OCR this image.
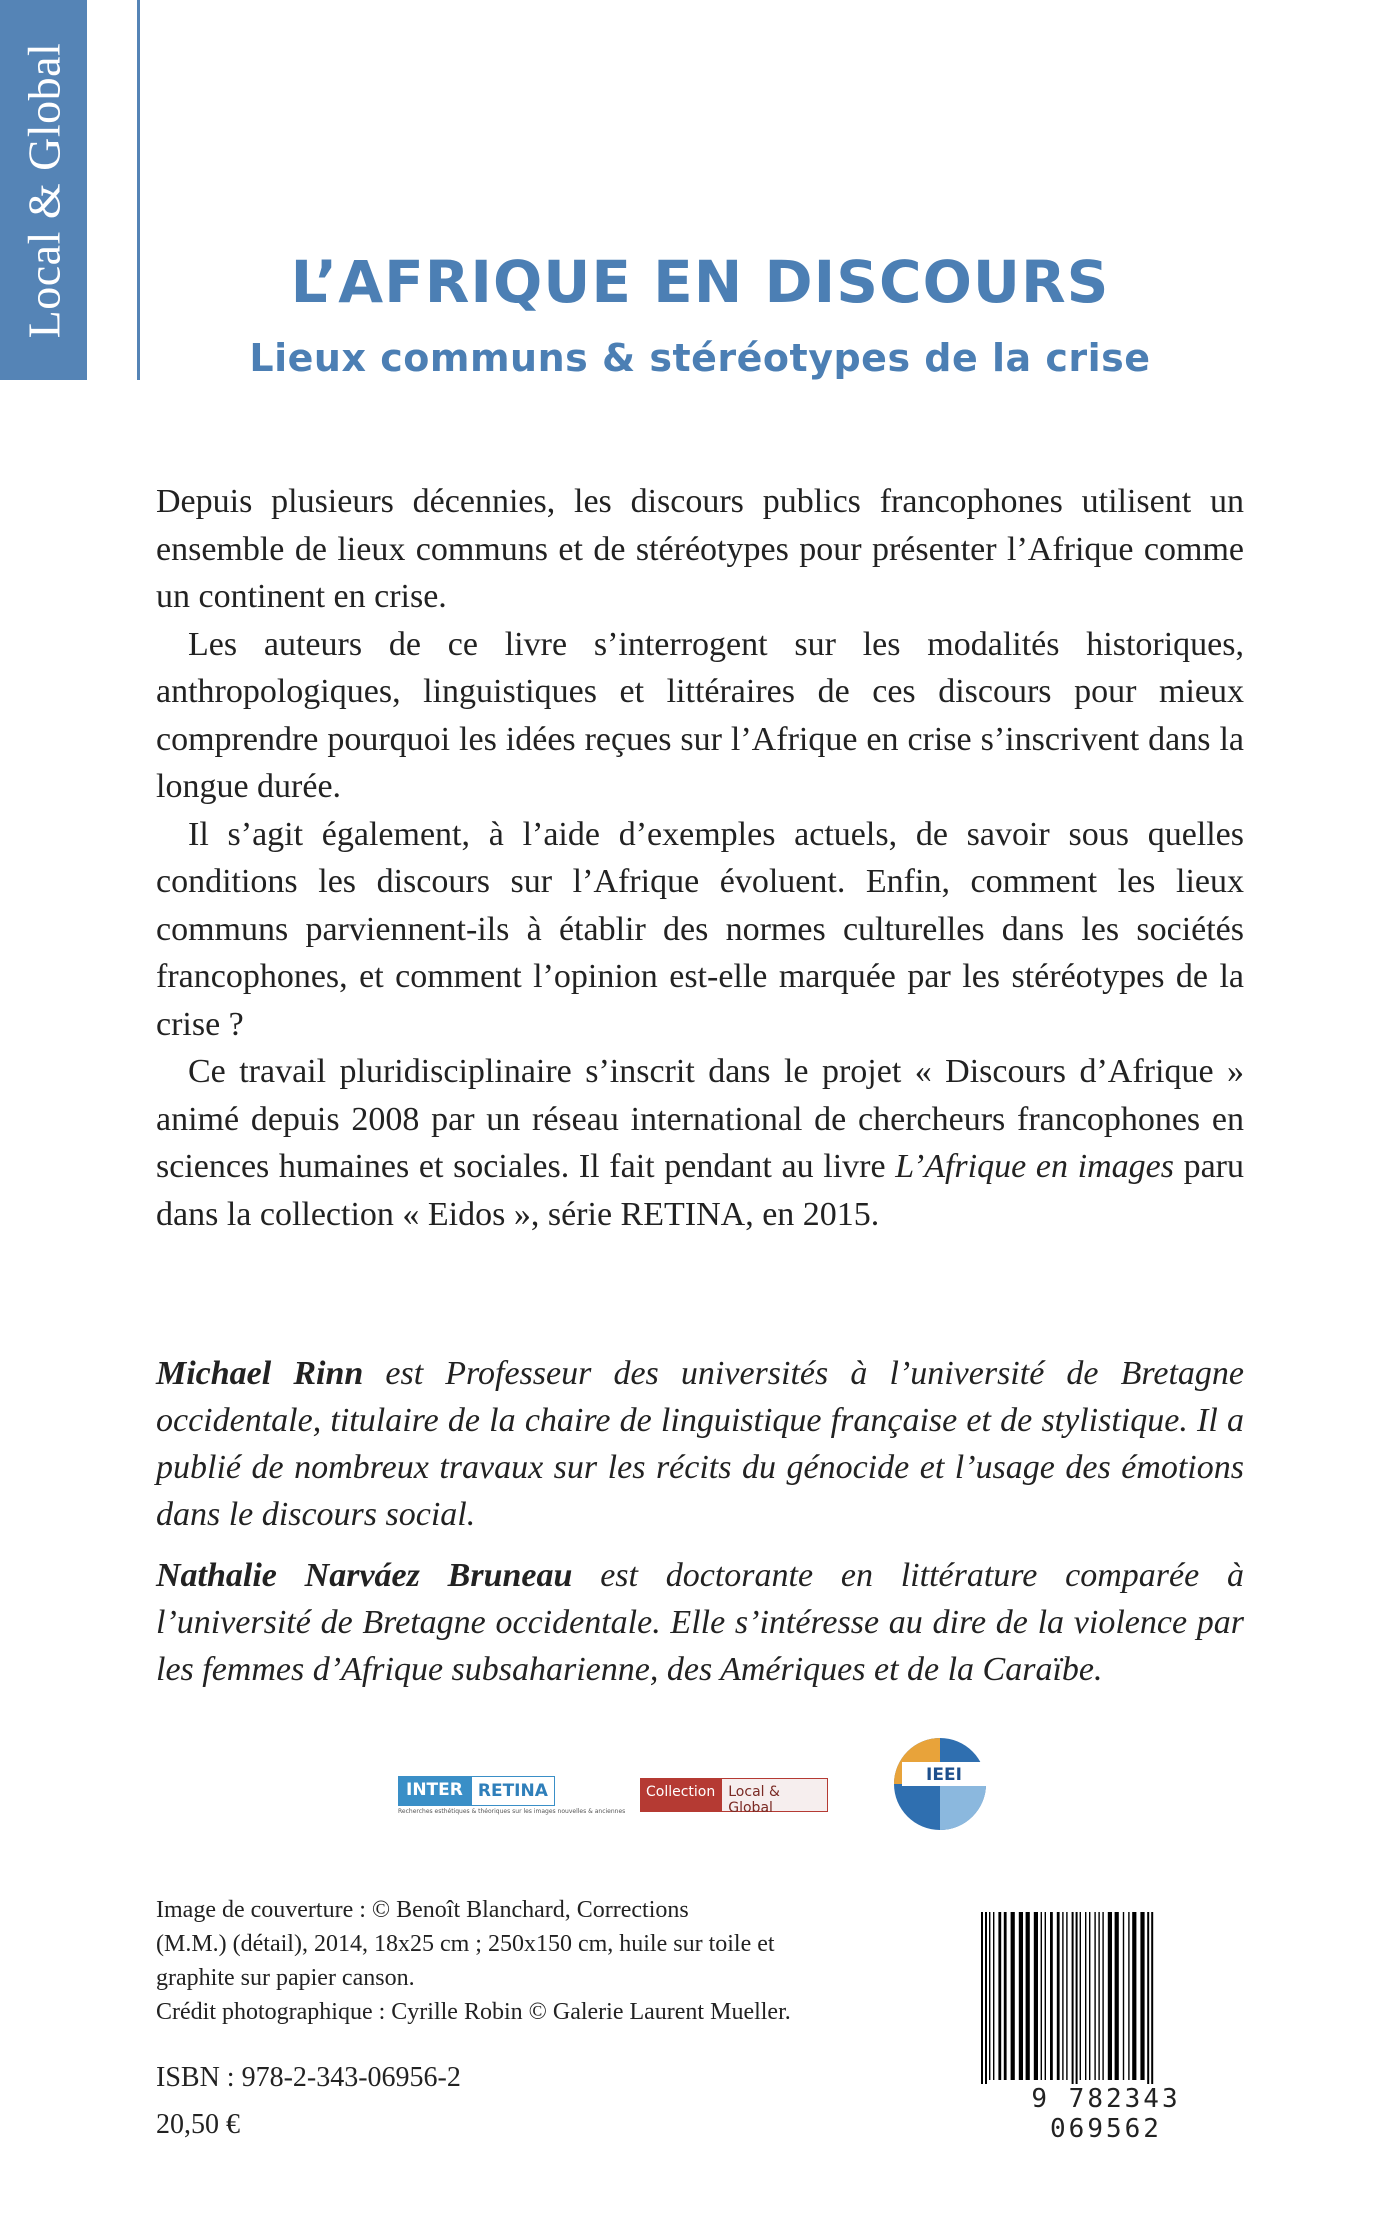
Local & Global	L’AFRIQUE EN DISCOURS
Lieux communs & stéréotypes de la crise

Depuis plusieurs décennies, les discours publics francophones utilisent un ensemble de lieux communs et de stéréotypes pour présenter l’Afrique comme un continent en crise.

Les auteurs de ce livre s’interrogent sur les modalités historiques, anthropologiques, linguistiques et littéraires de ces discours pour mieux comprendre pourquoi les idées reçues sur l’Afrique en crise s’inscrivent dans la longue durée.

Il s’agit également, à l’aide d’exemples actuels, de savoir sous quelles conditions les discours sur l’Afrique évoluent. Enfin, comment les lieux communs parviennent-ils à établir des normes culturelles dans les sociétés francophones, et comment l’opinion est-elle marquée par les stéréotypes de la crise ?

Ce travail pluridisciplinaire s’inscrit dans le projet « Discours d’Afrique » animé depuis 2008 par un réseau international de chercheurs francophones en sciences humaines et sociales. Il fait pendant au livre L’Afrique en images paru dans la collection « Eidos », série RETINA, en 2015.

Michael Rinn est Professeur des universités à l’université de Bretagne occidentale, titulaire de la chaire de linguistique française et de stylistique. Il a publié de nombreux travaux sur les récits du génocide et l’usage des émotions dans le discours social.

Nathalie Narváez Bruneau est doctorante en littérature comparée à l’université de Bretagne occidentale. Elle s’intéresse au dire de la violence par les femmes d’Afrique subsaharienne, des Amériques et de la Caraïbe.

INTER RETINA
Recherches esthétiques & théoriques sur les images nouvelles & anciennes
Collection Local & Global
IEEI

Image de couverture : © Benoît Blanchard, Corrections

(M.M.) (détail), 2014, 18x25 cm ; 250x150 cm, huile sur toile et

graphite sur papier canson.

Crédit photographique : Cyrille Robin © Galerie Laurent Mueller.

ISBN : 978-2-343-06956-2
20,50 €
9 782343 069562
